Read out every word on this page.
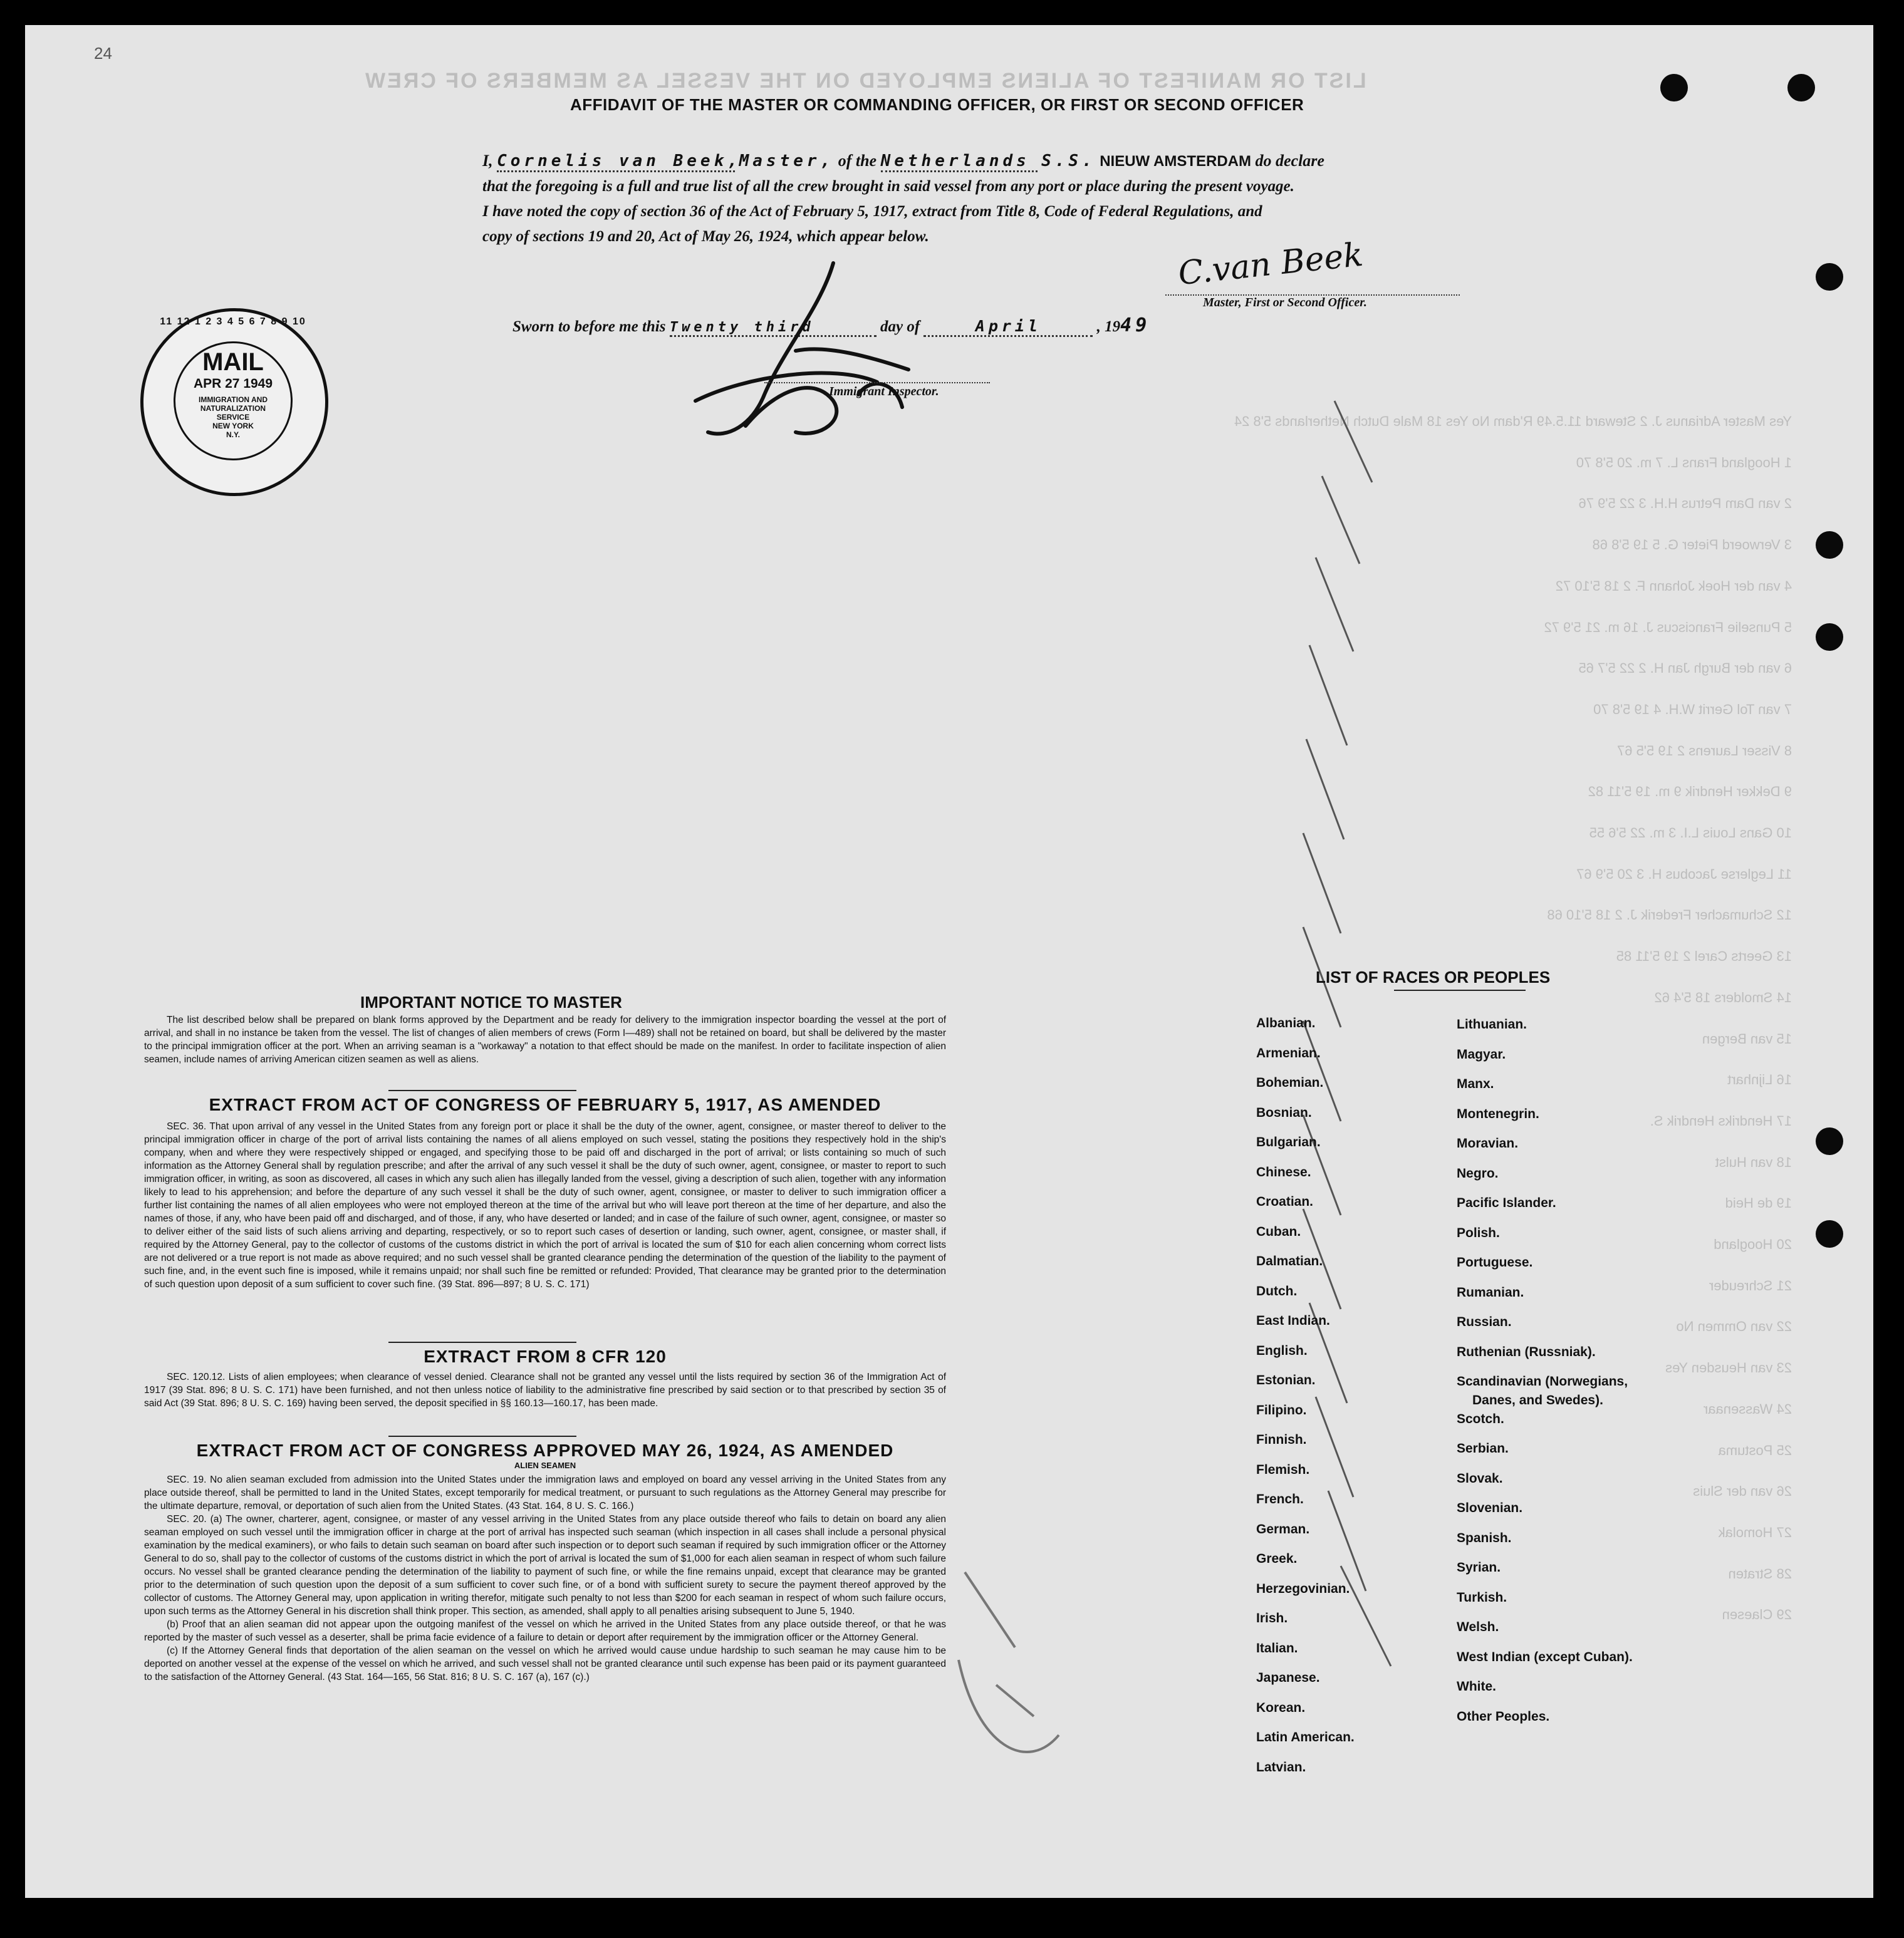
LIST OR MANIFEST OF ALIENS EMPLOYED ON THE VESSEL AS MEMBERS OF CREW
24
Yes Master Adrianus J. 2 Steward 11.5.49 R'dam No Yes 18 Male Dutch Netherlands 5'8 24
1 Hoogland Frans L. 7 m. 20 5'8 70
2 van Dam Petrus H.H. 3 22 5'9 76
3 Verwoerd Pieter G. 5 19 5'8 68
4 van der Hoek Johann F. 2 18 5'10 72
5 Punselie Franciscus J. 16 m. 21 5'9 72
6 van der Burgh Jan H. 2 22 5'7 65
7 van Tol Gerrit W.H. 4 19 5'8 70
8 Visser Laurens 2 19 5'5 67
9 Dekker Hendrik 9 m. 19 5'11 82
10 Gans Louis L.I. 3 m. 22 5'6 55
11 Leglerse Jacobus H. 3 20 5'9 67
12 Schumacher Frederik J. 2 18 5'10 68
13 Geerts Carel 2 19 5'11 85
14 Smolders 18 5'4 62
15 van Bergen
16 Lijnhart
17 Hendriks Hendrik S.
18 van Hulst
19 de Heid
20 Hoogland
21 Schreuder
22 van Ommen No
23 van Heusden Yes
24 Wassenaar
25 Postuma
26 van der Sluis
27 Homolak
28 Straten
29 Claesen
AFFIDAVIT OF THE MASTER OR COMMANDING OFFICER, OR FIRST OR SECOND OFFICER
I, Cornelis van Beek, Master, of the Netherlands S.S. NIEUW AMSTERDAM do declare
that the foregoing is a full and true list of all the crew brought in said vessel from any port or place during the present voyage.
I have noted the copy of section 36 of the Act of February 5, 1917, extract from Title 8, Code of Federal Regulations, and
copy of sections 19 and 20, Act of May 26, 1924, which appear below.	C.van Beek
Master, First or Second Officer.
Sworn to before me this Twenty third	day of	April	, 1949
Immigrant Inspector.
11 12 1 2 3 4 5 6 7 8 9 10
MAIL
APR 27 1949
IMMIGRATION AND
NATURALIZATION
SERVICE
NEW YORK
N.Y.
IMPORTANT NOTICE TO MASTER
The list described below shall be prepared on blank forms approved by the Department and be ready for delivery to the immigration inspector boarding the vessel at the port of arrival, and shall in no instance be taken from the vessel. The list of changes of alien members of crews (Form I—489) shall not be retained on board, but shall be delivered by the master to the principal immigration officer at the port. When an arriving seaman is a "workaway" a notation to that effect should be made on the manifest. In order to facilitate inspection of alien seamen, include names of arriving American citizen seamen as well as aliens.
EXTRACT FROM ACT OF CONGRESS OF FEBRUARY 5, 1917, AS AMENDED
SEC. 36. That upon arrival of any vessel in the United States from any foreign port or place it shall be the duty of the owner, agent, consignee, or master thereof to deliver to the principal immigration officer in charge of the port of arrival lists containing the names of all aliens employed on such vessel, stating the positions they respectively hold in the ship's company, when and where they were respectively shipped or engaged, and specifying those to be paid off and discharged in the port of arrival; or lists containing so much of such information as the Attorney General shall by regulation prescribe; and after the arrival of any such vessel it shall be the duty of such owner, agent, consignee, or master to report to such immigration officer, in writing, as soon as discovered, all cases in which any such alien has illegally landed from the vessel, giving a description of such alien, together with any information likely to lead to his apprehension; and before the departure of any such vessel it shall be the duty of such owner, agent, consignee, or master to deliver to such immigration officer a further list containing the names of all alien employees who were not employed thereon at the time of the arrival but who will leave port thereon at the time of her departure, and also the names of those, if any, who have been paid off and discharged, and of those, if any, who have deserted or landed; and in case of the failure of such owner, agent, consignee, or master so to deliver either of the said lists of such aliens arriving and departing, respectively, or so to report such cases of desertion or landing, such owner, agent, consignee, or master shall, if required by the Attorney General, pay to the collector of customs of the customs district in which the port of arrival is located the sum of $10 for each alien concerning whom correct lists are not delivered or a true report is not made as above required; and no such vessel shall be granted clearance pending the determination of the question of the liability to the payment of such fine, and, in the event such fine is imposed, while it remains unpaid; nor shall such fine be remitted or refunded: Provided, That clearance may be granted prior to the determination of such question upon deposit of a sum sufficient to cover such fine. (39 Stat. 896—897; 8 U. S. C. 171)
EXTRACT FROM 8 CFR 120
SEC. 120.12. Lists of alien employees; when clearance of vessel denied. Clearance shall not be granted any vessel until the lists required by section 36 of the Immigration Act of 1917 (39 Stat. 896; 8 U. S. C. 171) have been furnished, and not then unless notice of liability to the administrative fine prescribed by said section or to that prescribed by section 35 of said Act (39 Stat. 896; 8 U. S. C. 169) having been served, the deposit specified in §§ 160.13—160.17, has been made.
EXTRACT FROM ACT OF CONGRESS APPROVED MAY 26, 1924, AS AMENDED
ALIEN SEAMEN
SEC. 19. No alien seaman excluded from admission into the United States under the immigration laws and employed on board any vessel arriving in the United States from any place outside thereof, shall be permitted to land in the United States, except temporarily for medical treatment, or pursuant to such regulations as the Attorney General may prescribe for the ultimate departure, removal, or deportation of such alien from the United States. (43 Stat. 164, 8 U. S. C. 166.)
SEC. 20. (a) The owner, charterer, agent, consignee, or master of any vessel arriving in the United States from any place outside thereof who fails to detain on board any alien seaman employed on such vessel until the immigration officer in charge at the port of arrival has inspected such seaman (which inspection in all cases shall include a personal physical examination by the medical examiners), or who fails to detain such seaman on board after such inspection or to deport such seaman if required by such immigration officer or the Attorney General to do so, shall pay to the collector of customs of the customs district in which the port of arrival is located the sum of $1,000 for each alien seaman in respect of whom such failure occurs. No vessel shall be granted clearance pending the determination of the liability to payment of such fine, or while the fine remains unpaid, except that clearance may be granted prior to the determination of such question upon the deposit of a sum sufficient to cover such fine, or of a bond with sufficient surety to secure the payment thereof approved by the collector of customs. The Attorney General may, upon application in writing therefor, mitigate such penalty to not less than $200 for each seaman in respect of whom such failure occurs, upon such terms as the Attorney General in his discretion shall think proper. This section, as amended, shall apply to all penalties arising subsequent to June 5, 1940.
(b) Proof that an alien seaman did not appear upon the outgoing manifest of the vessel on which he arrived in the United States from any place outside thereof, or that he was reported by the master of such vessel as a deserter, shall be prima facie evidence of a failure to detain or deport after requirement by the immigration officer or the Attorney General.
(c) If the Attorney General finds that deportation of the alien seaman on the vessel on which he arrived would cause undue hardship to such seaman he may cause him to be deported on another vessel at the expense of the vessel on which he arrived, and such vessel shall not be granted clearance until such expense has been paid or its payment guaranteed to the satisfaction of the Attorney General. (43 Stat. 164—165, 56 Stat. 816; 8 U. S. C. 167 (a), 167 (c).)
LIST OF RACES OR PEOPLES
Albanian.
Armenian.
Bohemian.
Bosnian.
Bulgarian.
Chinese.
Croatian.
Cuban.
Dalmatian.
Dutch.
East Indian.
English.
Estonian.
Filipino.
Finnish.
Flemish.
French.
German.
Greek.
Herzegovinian.
Irish.
Italian.
Japanese.
Korean.
Latin American.
Latvian.
Lithuanian.
Magyar.
Manx.
Montenegrin.
Moravian.
Negro.
Pacific Islander.
Polish.
Portuguese.
Rumanian.
Russian.
Ruthenian (Russniak).
Scandinavian (Norwegians,
Danes, and Swedes).
Scotch.
Serbian.
Slovak.
Slovenian.
Spanish.
Syrian.
Turkish.
Welsh.
West Indian (except Cuban).
White.
Other Peoples.
